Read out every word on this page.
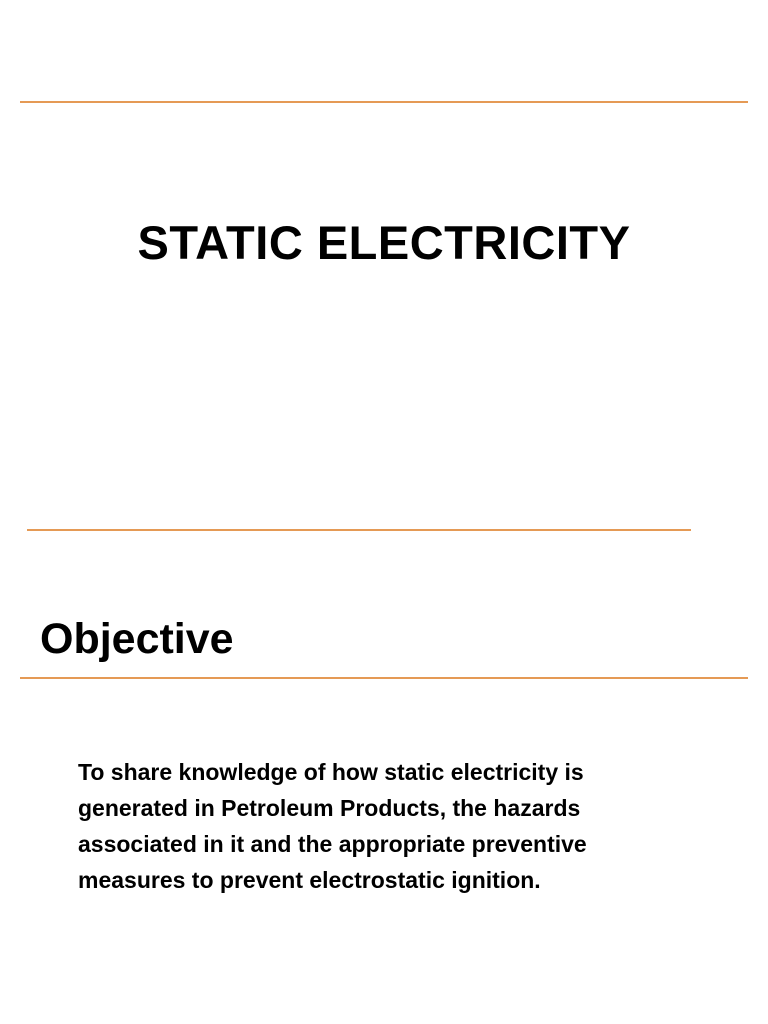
STATIC ELECTRICITY
Objective

To share knowledge of how static electricity is generated in Petroleum Products, the hazards associated in it and the appropriate preventive measures to prevent electrostatic ignition.
